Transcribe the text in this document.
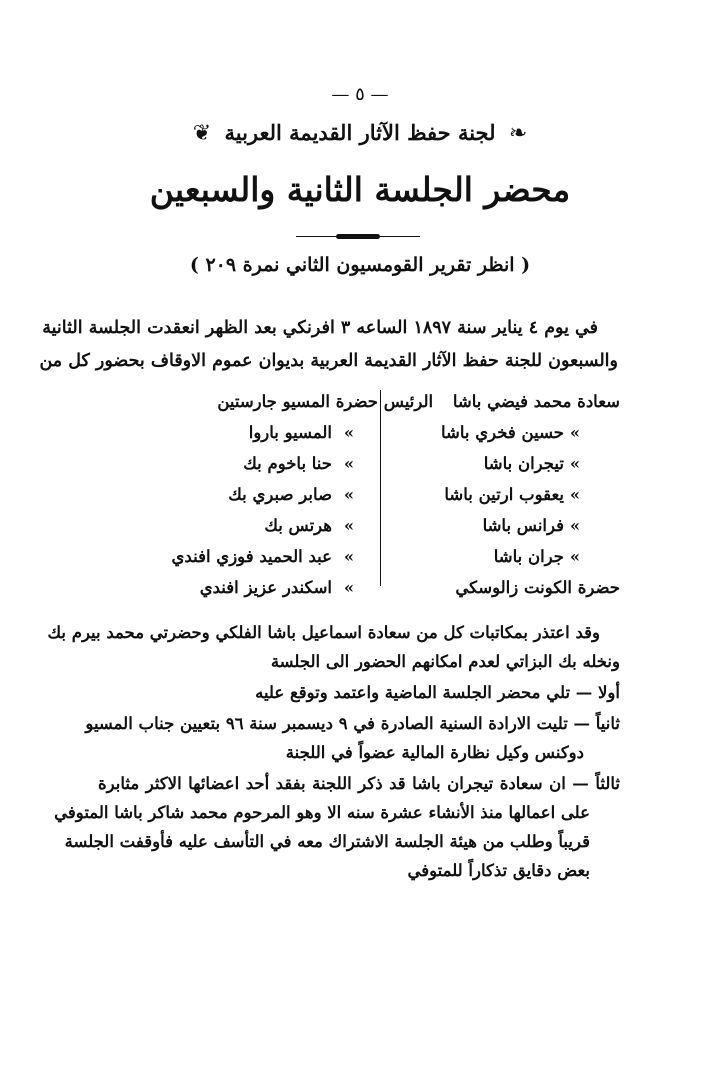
— ٥ —
❧ لجنة حفظ الآثار القديمة العربية ❦
محضر الجلسة الثانية والسبعين
( انظر تقرير القومسيون الثاني نمرة ٢٠٩ )
في يوم ٤ يناير سنة ١٨٩٧ الساعه ٣ افرنكي بعد الظهر انعقدت الجلسة الثانية
والسبعون للجنة حفظ الآثار القديمة العربية بديوان عموم الاوقاف بحضور كل من
سعادة محمد فيضي باشا الرئيس
»
حسين فخري باشا
»
تيجران باشا
»
يعقوب ارتين باشا
»
فرانس باشا
»
جران باشا
حضرة الكونت زالوسكي
حضرة المسيو جارستين
»
المسيو باروا
»
حنا باخوم بك
»
صابر صبري بك
»
هرتس بك
»
عبد الحميد فوزي افندي
»
اسكندر عزيز افندي
وقد اعتذر بمكاتبات كل من سعادة اسماعيل باشا الفلكي وحضرتي محمد بيرم بك
ونخله بك البزاتي لعدم امكانهم الحضور الى الجلسة
أولا — تلي محضر الجلسة الماضية واعتمد وتوقع عليه
ثانياً — تليت الارادة السنية الصادرة في ٩ ديسمبر سنة ٩٦ بتعيين جناب المسيو
دوكنس وكيل نظارة المالية عضواً في اللجنة
ثالثاً — ان سعادة تيجران باشا قد ذكر اللجنة بفقد أحد اعضائها الاكثر مثابرة
على اعمالها منذ الأنشاء عشرة سنه الا وهو المرحوم محمد شاكر باشا المتوفي
قريباً وطلب من هيئة الجلسة الاشتراك معه في التأسف عليه فأوقفت الجلسة
بعض دقايق تذكاراً للمتوفي
